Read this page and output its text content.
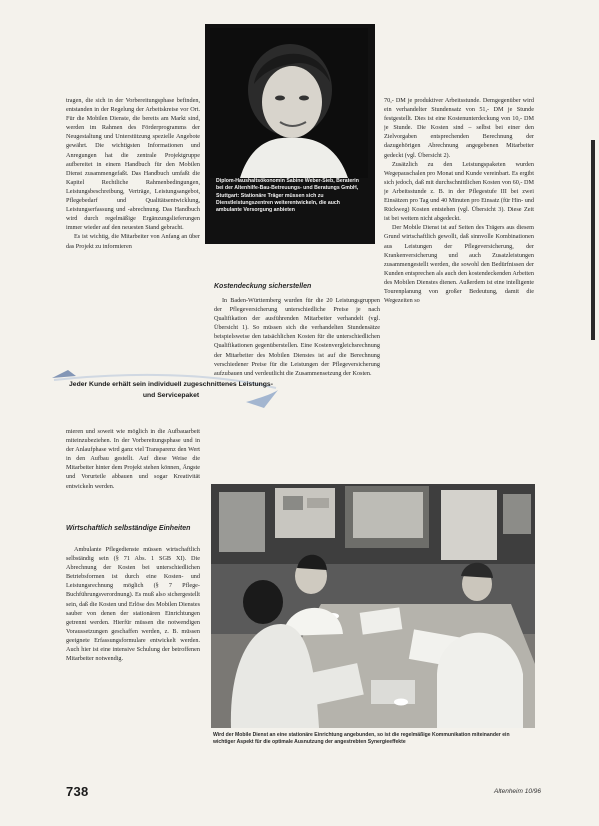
tragen, die sich in der Vorbereitungsphase befinden, entstanden in der Regelung der Arbeitskreise vor Ort. Für die Mobilen Dienste, die bereits am Markt sind, werden im Rahmen des Förderprogramms der Neugestaltung und Unterstützung spezielle Angebote gewährt. Die wichtigsten Informationen und Anregungen hat die zentrale Projektgruppe aufbereitet in einem Handbuch für den Mobilen Dienst zusammengefaßt. Das Handbuch umfaßt die Kapitel Rechtliche Rahmenbedingungen, Leistungsbeschreibung, Verträge, Leistungsangebot, Pflegebedarf und Qualitätsentwicklung, Leistungserfassung und -abrechnung. Das Handbuch wird durch regelmäßige Ergänzungslieferungen immer wieder auf den neuesten Stand gebracht.

Es ist wichtig, die Mitarbeiter von Anfang an über das Projekt zu informieren

Jeder Kunde erhält sein individuell zugeschnittenes Leistungs- und Servicepaket

mieren und soweit wie möglich in die Aufbauarbeit miteinzubeziehen. In der Vorbereitungsphase und in der Anlaufphase wird ganz viel Transparenz den Wert in den Aufbau gestellt. Auf diese Weise die Mitarbeiter hinter dem Projekt stehen können, Ängste und Vorurteile abbauen und sogar Kreativität entwickeln werden.

Wirtschaftlich selbständige Einheiten

Ambulante Pflegedienste müssen wirtschaftlich selbständig sein (§ 71 Abs. 1 SGB XI). Die Abrechnung der Kosten bei unterschiedlichen Betriebsformen ist durch eine Kosten- und Leistungsrechnung möglich (§ 7 Pflege-Buchführungsverordnung). Es muß also sichergestellt sein, daß die Kosten und Erlöse des Mobilen Dienstes sauber von denen der stationären Einrichtungen getrennt werden. Hierfür müssen die notwendigen Voraussetzungen geschaffen werden, z. B. müssen geeignete Erfassungsformulare entwickelt werden. Auch hier ist eine intensive Schulung der betroffenen Mitarbeiter notwendig.

Diplom-Haushaltsökonomin Sabine Weber-Sieb, Beraterin bei der Altenhilfe-Bau-Betreuungs- und Beratungs GmbH, Stuttgart: Stationäre Träger müssen sich zu Dienstleistungszentren weiterentwickeln, die auch ambulante Versorgung anbieten
Kostendeckung sicherstellen

In Baden-Württemberg wurden für die 20 Leistungsgruppen der Pflegeversicherung unterschiedliche Preise je nach Qualifikation der ausführenden Mitarbeiter verhandelt (vgl. Übersicht 1). So müssen sich die verhandelten Stundensätze beispielsweise den tatsächlichen Kosten für die unterschiedlichen Qualifikationen gegenüberstellen. Eine Kostenvergleichsrechnung der Mitarbeiter des Mobilen Dienstes ist auf die Berechnung verschiedener Preise für die Leistungen der Pflegeversicherung aufzubauen und verdeutlicht die Zusammensetzung der Kosten.

70,- DM je produktiver Arbeitsstunde. Demgegenüber wird ein verhandelter Stundensatz von 51,- DM je Stunde festgestellt. Dies ist eine Kostenunterdeckung von 10,- DM je Stunde. Die Kosten sind – selbst bei einer den Zielvorgaben entsprechenden Berechnung der dazugehörigen Abrechnung angegebenen Mitarbeiter gedeckt (vgl. Übersicht 2).

Zusätzlich zu den Leistungspaketen wurden Wegepauschalen pro Monat und Kunde vereinbart. Es ergibt sich jedoch, daß mit durchschnittlichen Kosten von 60,- DM je Arbeitsstunde z. B. in der Pflegestufe III bei zwei Einsätzen pro Tag und 40 Minuten pro Einsatz (für Hin- und Rückweg) Kosten entstehen (vgl. Übersicht 3). Diese Zeit ist bei weitem nicht abgedeckt.

Der Mobile Dienst ist auf Seiten des Trägers aus diesem Grund wirtschaftlich gewollt, daß sinnvolle Kombinationen aus Leistungen der Pflegeversicherung, der Krankenversicherung und auch Zusatzleistungen zusammengestellt werden, die sowohl den Bedürfnissen der Kunden entsprechen als auch den kostendeckenden Arbeiten des Mobilen Dienstes dienen. Außerdem ist eine intelligente Tourenplanung von großer Bedeutung, damit die Wegezeiten so

Wird der Mobile Dienst an eine stationäre Einrichtung angebunden, so ist die regelmäßige Kommunikation miteinander ein wichtiger Aspekt für die optimale Ausnutzung der angestrebten Synergieeffekte
738	Altenheim 10/96
